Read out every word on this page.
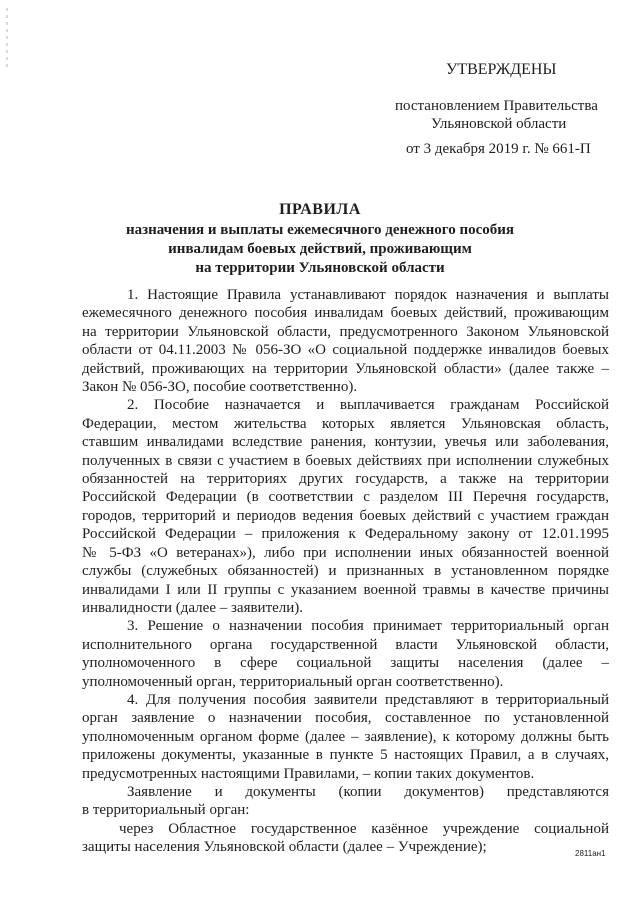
УТВЕРЖДЕНЫ
постановлением Правительства
Ульяновской области
от 3 декабря 2019 г. № 661-П
ПРАВИЛА
назначения и выплаты ежемесячного денежного пособия
инвалидам боевых действий, проживающим
на территории Ульяновской области
1. Настоящие Правила устанавливают порядок назначения и выплаты
ежемесячного денежного пособия инвалидам боевых действий, проживающим
на территории Ульяновской области, предусмотренного Законом Ульяновской
области от 04.11.2003 № 056-ЗО «О социальной поддержке инвалидов боевых
действий, проживающих на территории Ульяновской области» (далее также –
Закон № 056-ЗО, пособие соответственно).
2. Пособие назначается и выплачивается гражданам Российской
Федерации, местом жительства которых является Ульяновская область,
ставшим инвалидами вследствие ранения, контузии, увечья или заболевания,
полученных в связи с участием в боевых действиях при исполнении служебных
обязанностей на территориях других государств, а также на территории
Российской Федерации (в соответствии с разделом III Перечня государств,
городов, территорий и периодов ведения боевых действий с участием граждан
Российской Федерации – приложения к Федеральному закону от 12.01.1995
№ 5-ФЗ «О ветеранах»), либо при исполнении иных обязанностей военной
службы (служебных обязанностей) и признанных в установленном порядке
инвалидами I или II группы с указанием военной травмы в качестве причины
инвалидности (далее – заявители).
3. Решение о назначении пособия принимает территориальный орган
исполнительного органа государственной власти Ульяновской области,
уполномоченного в сфере социальной защиты населения (далее –
уполномоченный орган, территориальный орган соответственно).
4. Для получения пособия заявители представляют в территориальный
орган заявление о назначении пособия, составленное по установленной
уполномоченным органом форме (далее – заявление), к которому должны быть
приложены документы, указанные в пункте 5 настоящих Правил, а в случаях,
предусмотренных настоящими Правилами, – копии таких документов.
Заявление и документы (копии документов) представляются
в территориальный орган:
через Областное государственное казённое учреждение социальной
защиты населения Ульяновской области (далее – Учреждение);	2811ан1
